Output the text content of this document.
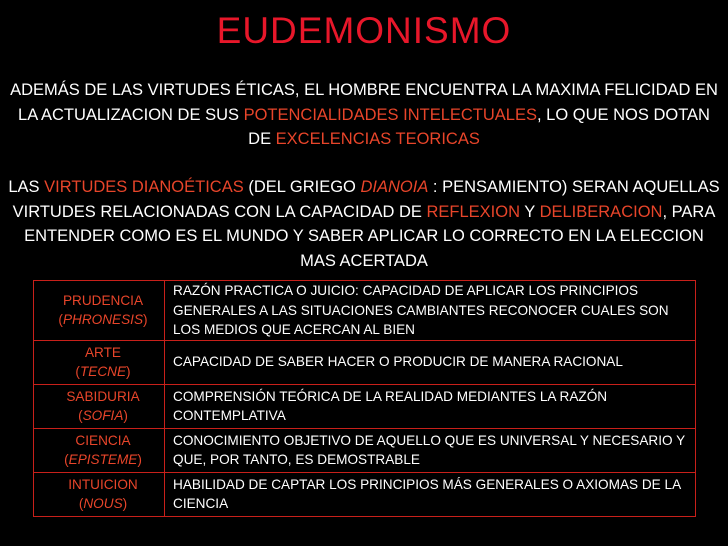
EUDEMONISMO
ADEMÁS DE LAS VIRTUDES ÉTICAS, EL HOMBRE ENCUENTRA LA MAXIMA FELICIDAD EN LA ACTUALIZACION DE SUS POTENCIALIDADES INTELECTUALES, LO QUE NOS DOTAN DE EXCELENCIAS TEORICAS
LAS VIRTUDES DIANOÉTICAS (DEL GRIEGO DIANOIA : PENSAMIENTO) SERAN AQUELLAS VIRTUDES RELACIONADAS CON LA CAPACIDAD DE REFLEXION Y DELIBERACION, PARA ENTENDER COMO ES EL MUNDO Y SABER APLICAR LO CORRECTO EN LA ELECCION MAS ACERTADA
PRUDENCIA
(PHRONESIS)	RAZÓN PRACTICA O JUICIO: CAPACIDAD DE APLICAR LOS PRINCIPIOS GENERALES A LAS SITUACIONES CAMBIANTES RECONOCER CUALES SON LOS MEDIOS QUE ACERCAN AL BIEN
ARTE
(TECNE)	CAPACIDAD DE SABER HACER O PRODUCIR DE MANERA RACIONAL
SABIDURIA
(SOFIA)	COMPRENSIÓN TEÓRICA DE LA REALIDAD MEDIANTES LA RAZÓN CONTEMPLATIVA
CIENCIA
(EPISTEME)	CONOCIMIENTO OBJETIVO DE AQUELLO QUE ES UNIVERSAL Y NECESARIO Y QUE, POR TANTO, ES DEMOSTRABLE
INTUICION
(NOUS)	HABILIDAD DE CAPTAR LOS PRINCIPIOS MÁS GENERALES O AXIOMAS DE LA CIENCIA
